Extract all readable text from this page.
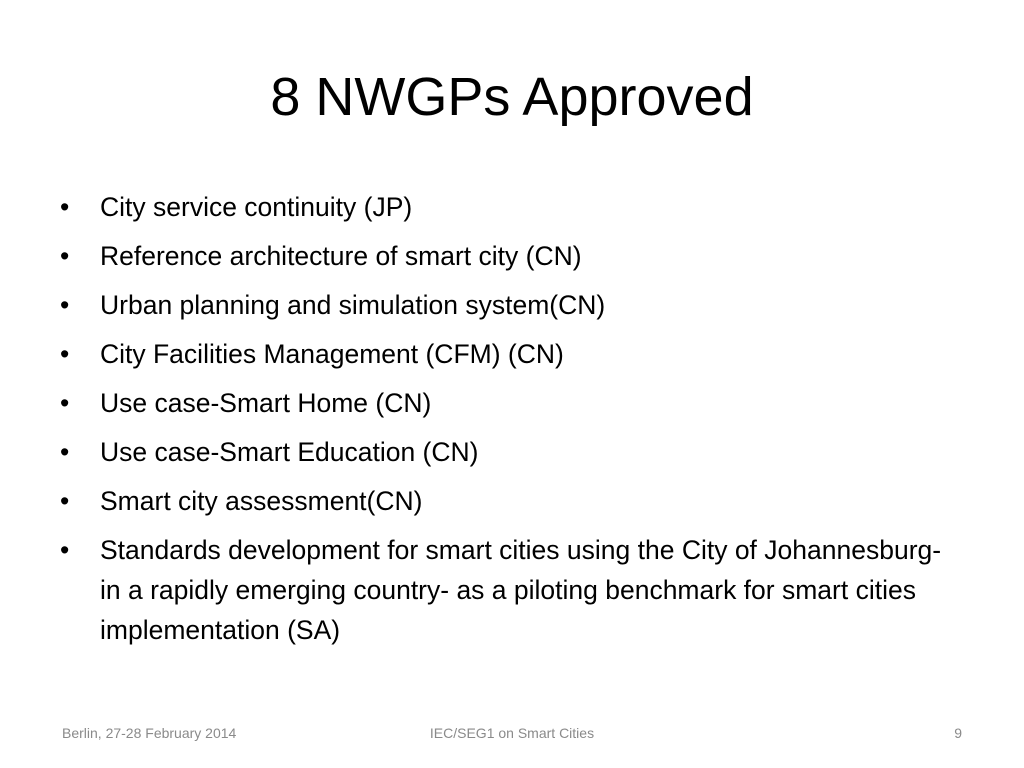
8 NWGPs Approved
•	City service continuity (JP)
•	Reference architecture of smart city (CN)
•	Urban planning and simulation system(CN)
•	City Facilities Management (CFM) (CN)
•	Use case-Smart Home (CN)
•	Use case-Smart Education (CN)
•	Smart city assessment(CN)
•	Standards development for smart cities using the City of Johannesburg- in a rapidly emerging country- as a piloting benchmark for smart cities implementation (SA)
Berlin, 27-28 February 2014	IEC/SEG1 on Smart Cities	9
